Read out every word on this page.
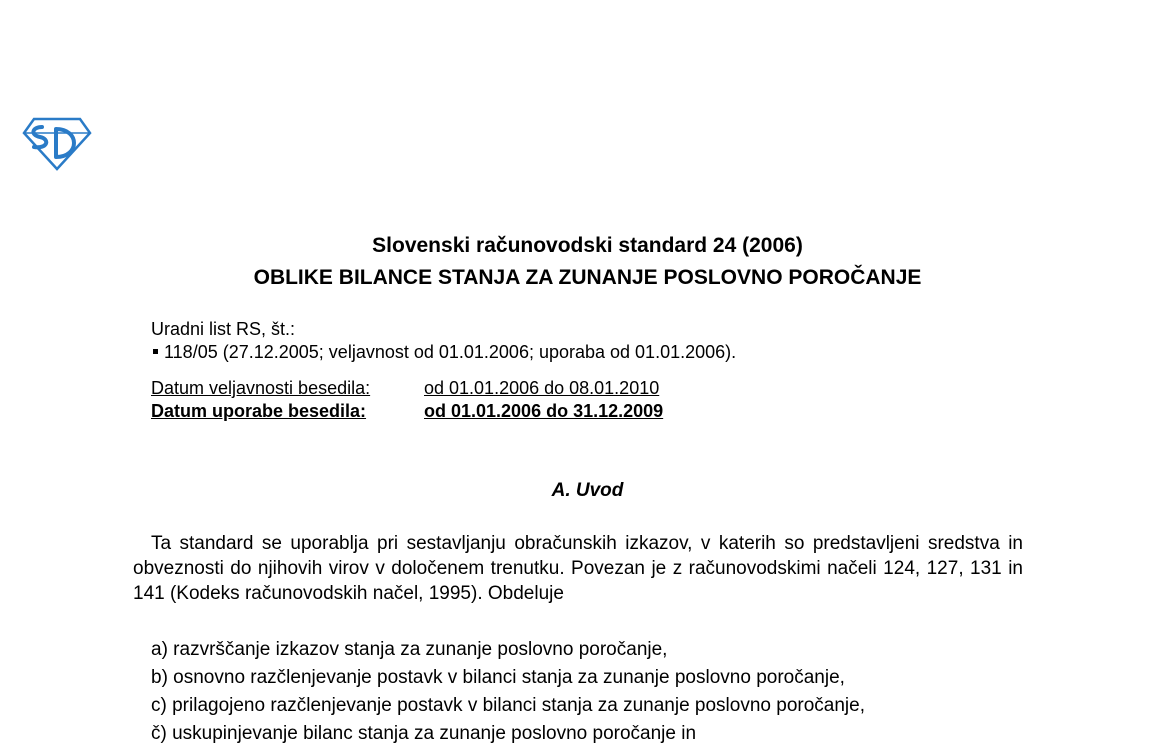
Slovenski računovodski standard 24 (2006)
OBLIKE BILANCE STANJA ZA ZUNANJE POSLOVNO POROČANJE
Uradni list RS, št.:
118/05 (27.12.2005; veljavnost od 01.01.2006; uporaba od 01.01.2006).
Datum veljavnosti besedila:	od 01.01.2006 do 08.01.2010
Datum uporabe besedila:	od 01.01.2006 do 31.12.2009
A. Uvod
Ta standard se uporablja pri sestavljanju obračunskih izkazov, v katerih so predstavljeni sredstva in obveznosti do njihovih virov v določenem trenutku. Povezan je z računovodskimi načeli 124, 127, 131 in 141 (Kodeks računovodskih načel, 1995). Obdeluje
a) razvrščanje izkazov stanja za zunanje poslovno poročanje,
b) osnovno razčlenjevanje postavk v bilanci stanja za zunanje poslovno poročanje,
c) prilagojeno razčlenjevanje postavk v bilanci stanja za zunanje poslovno poročanje,
č) uskupinjevanje bilanc stanja za zunanje poslovno poročanje in
